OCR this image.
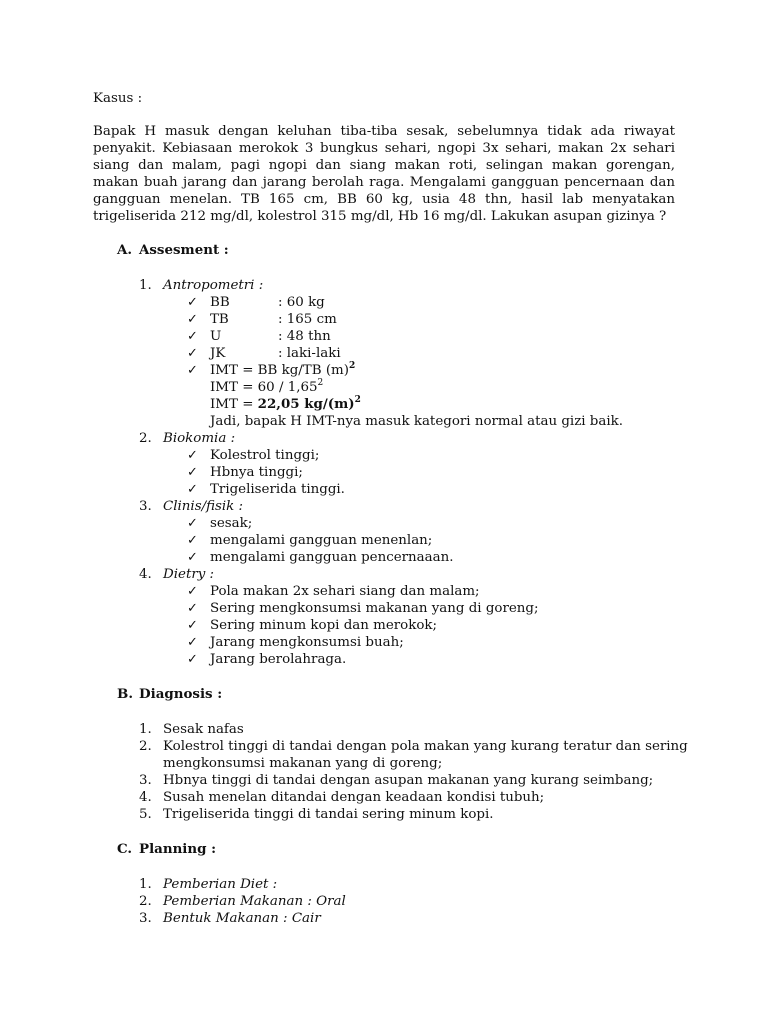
Kasus :
Bapak H masuk dengan keluhan tiba-tiba sesak, sebelumnya tidak ada riwayat penyakit. Kebiasaan merokok 3 bungkus sehari, ngopi 3x sehari, makan 2x sehari siang dan malam, pagi ngopi dan siang makan roti, selingan makan gorengan, makan buah jarang dan jarang berolah raga. Mengalami gangguan pencernaan dan gangguan menelan. TB 165 cm, BB 60 kg, usia 48 thn, hasil lab menyatakan trigeliserida 212 mg/dl, kolestrol 315 mg/dl, Hb 16 mg/dl. Lakukan asupan gizinya ?
A. Assesment :
1. Antropometri :
✓ BB	: 60 kg
✓ TB	: 165 cm
✓ U	: 48 thn
✓ JK	: laki-laki
✓ IMT = BB kg/TB $(m)^2$
IMT = 60 / 1,65$^2$
IMT = 22,05 $kg/(m)^2$
Jadi, bapak H IMT-nya masuk kategori normal atau gizi baik.
2. Biokomia :
✓ Kolestrol tinggi;
✓ Hbnya tinggi;
✓ Trigeliserida tinggi.
3. Clinis/fisik :
✓ sesak;
✓ mengalami gangguan menenlan;
✓ mengalami gangguan pencernaaan.
4. Dietry :
✓ Pola makan 2x sehari siang dan malam;
✓ Sering mengkonsumsi makanan yang di goreng;
✓ Sering minum kopi dan merokok;
✓ Jarang mengkonsumsi buah;
✓ Jarang berolahraga.
B. Diagnosis :
1. Sesak nafas
2. Kolestrol tinggi di tandai dengan pola makan yang kurang teratur dan sering
mengkonsumsi makanan yang di goreng;
3. Hbnya tinggi di tandai dengan asupan makanan yang kurang seimbang;
4. Susah menelan ditandai dengan keadaan kondisi tubuh;
5. Trigeliserida tinggi di tandai sering minum kopi.
C. Planning :
1. Pemberian Diet :
2. Pemberian Makanan : Oral
3. Bentuk Makanan : Cair
